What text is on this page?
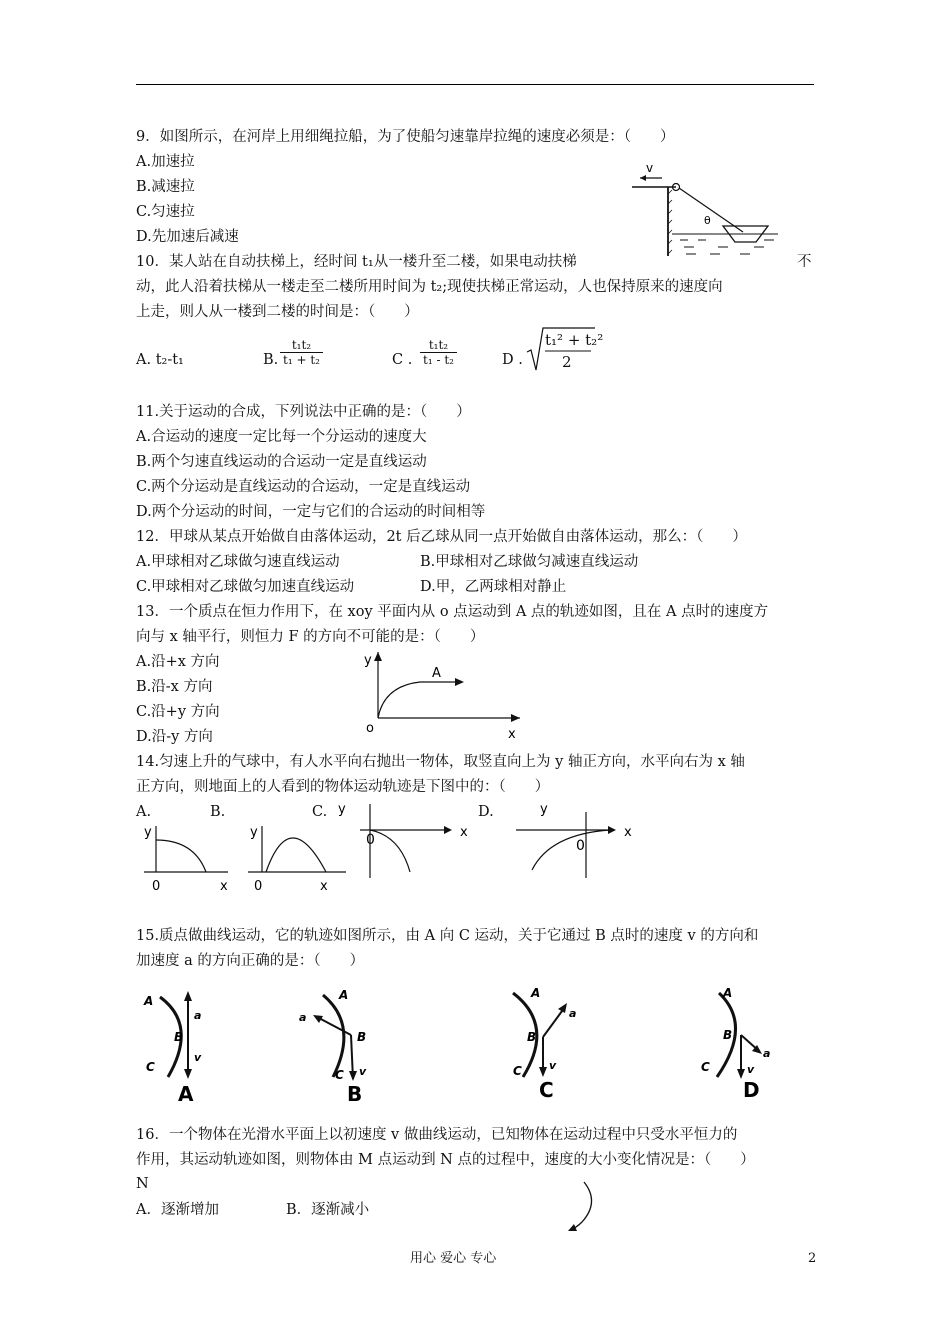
9．如图所示，在河岸上用细绳拉船，为了使船匀速靠岸拉绳的速度必须是：（　　）
A.加速拉
B.减速拉
C.匀速拉
D.先加速后减速
v
θ
10．某人站在自动扶梯上，经时间 t₁从一楼升至二楼，如果电动扶梯	不
动，此人沿着扶梯从一楼走至二楼所用时间为 t₂;现使扶梯正常运动，人也保持原来的速度向
上走，则人从一楼到二楼的时间是：（　　）
A. t₂-t₁	B. $\frac{\text{t₁t₂}}{\text{t₁ + t₂}}$	C . $\frac{\text{t₁t₂}}{\text{t₁ - t₂}}$	D .
t₁² + t₂²
2
11.关于运动的合成，下列说法中正确的是：（　　）
A.合运动的速度一定比每一个分运动的速度大
B.两个匀速直线运动的合运动一定是直线运动
C.两个分运动是直线运动的合运动，一定是直线运动
D.两个分运动的时间，一定与它们的合运动的时间相等
12．甲球从某点开始做自由落体运动，2t 后乙球从同一点开始做自由落体运动，那么：（　　）
A.甲球相对乙球做匀速直线运动	B.甲球相对乙球做匀减速直线运动
C.甲球相对乙球做匀加速直线运动	D.甲，乙两球相对静止
13．一个质点在恒力作用下，在 xoy 平面内从 o 点运动到 A 点的轨迹如图，且在 A 点时的速度方
向与 x 轴平行，则恒力 F 的方向不可能的是：（　　）
A.沿+x 方向
B.沿-x 方向
C.沿+y 方向
D.沿-y 方向
y
x
o
A
14.匀速上升的气球中，有人水平向右抛出一物体，取竖直向上为 y 轴正方向，水平向右为 x 轴
正方向，则地面上的人看到的物体运动轨迹是下图中的：（　　）
A.	B.	C.	D.
y
0	x
y
0	x
y
0	x
y
0
x
15.质点做曲线运动，它的轨迹如图所示，由 A 向 C 运动，关于它通过 B 点时的速度 v 的方向和
加速度 a 的方向正确的是：（　　）
A
B
C
a
v
A
A
B
C
a
v
B
A
B
C
a
v
C
A
B
C
a
v
D
16．一个物体在光滑水平面上以初速度 v 做曲线运动，已知物体在运动过程中只受水平恒力的
作用，其运动轨迹如图，则物体由 M 点运动到 N 点的过程中，速度的大小变化情况是：（　　）
N
A．逐渐增加	B．逐渐减小
用心 爱心 专心	2
